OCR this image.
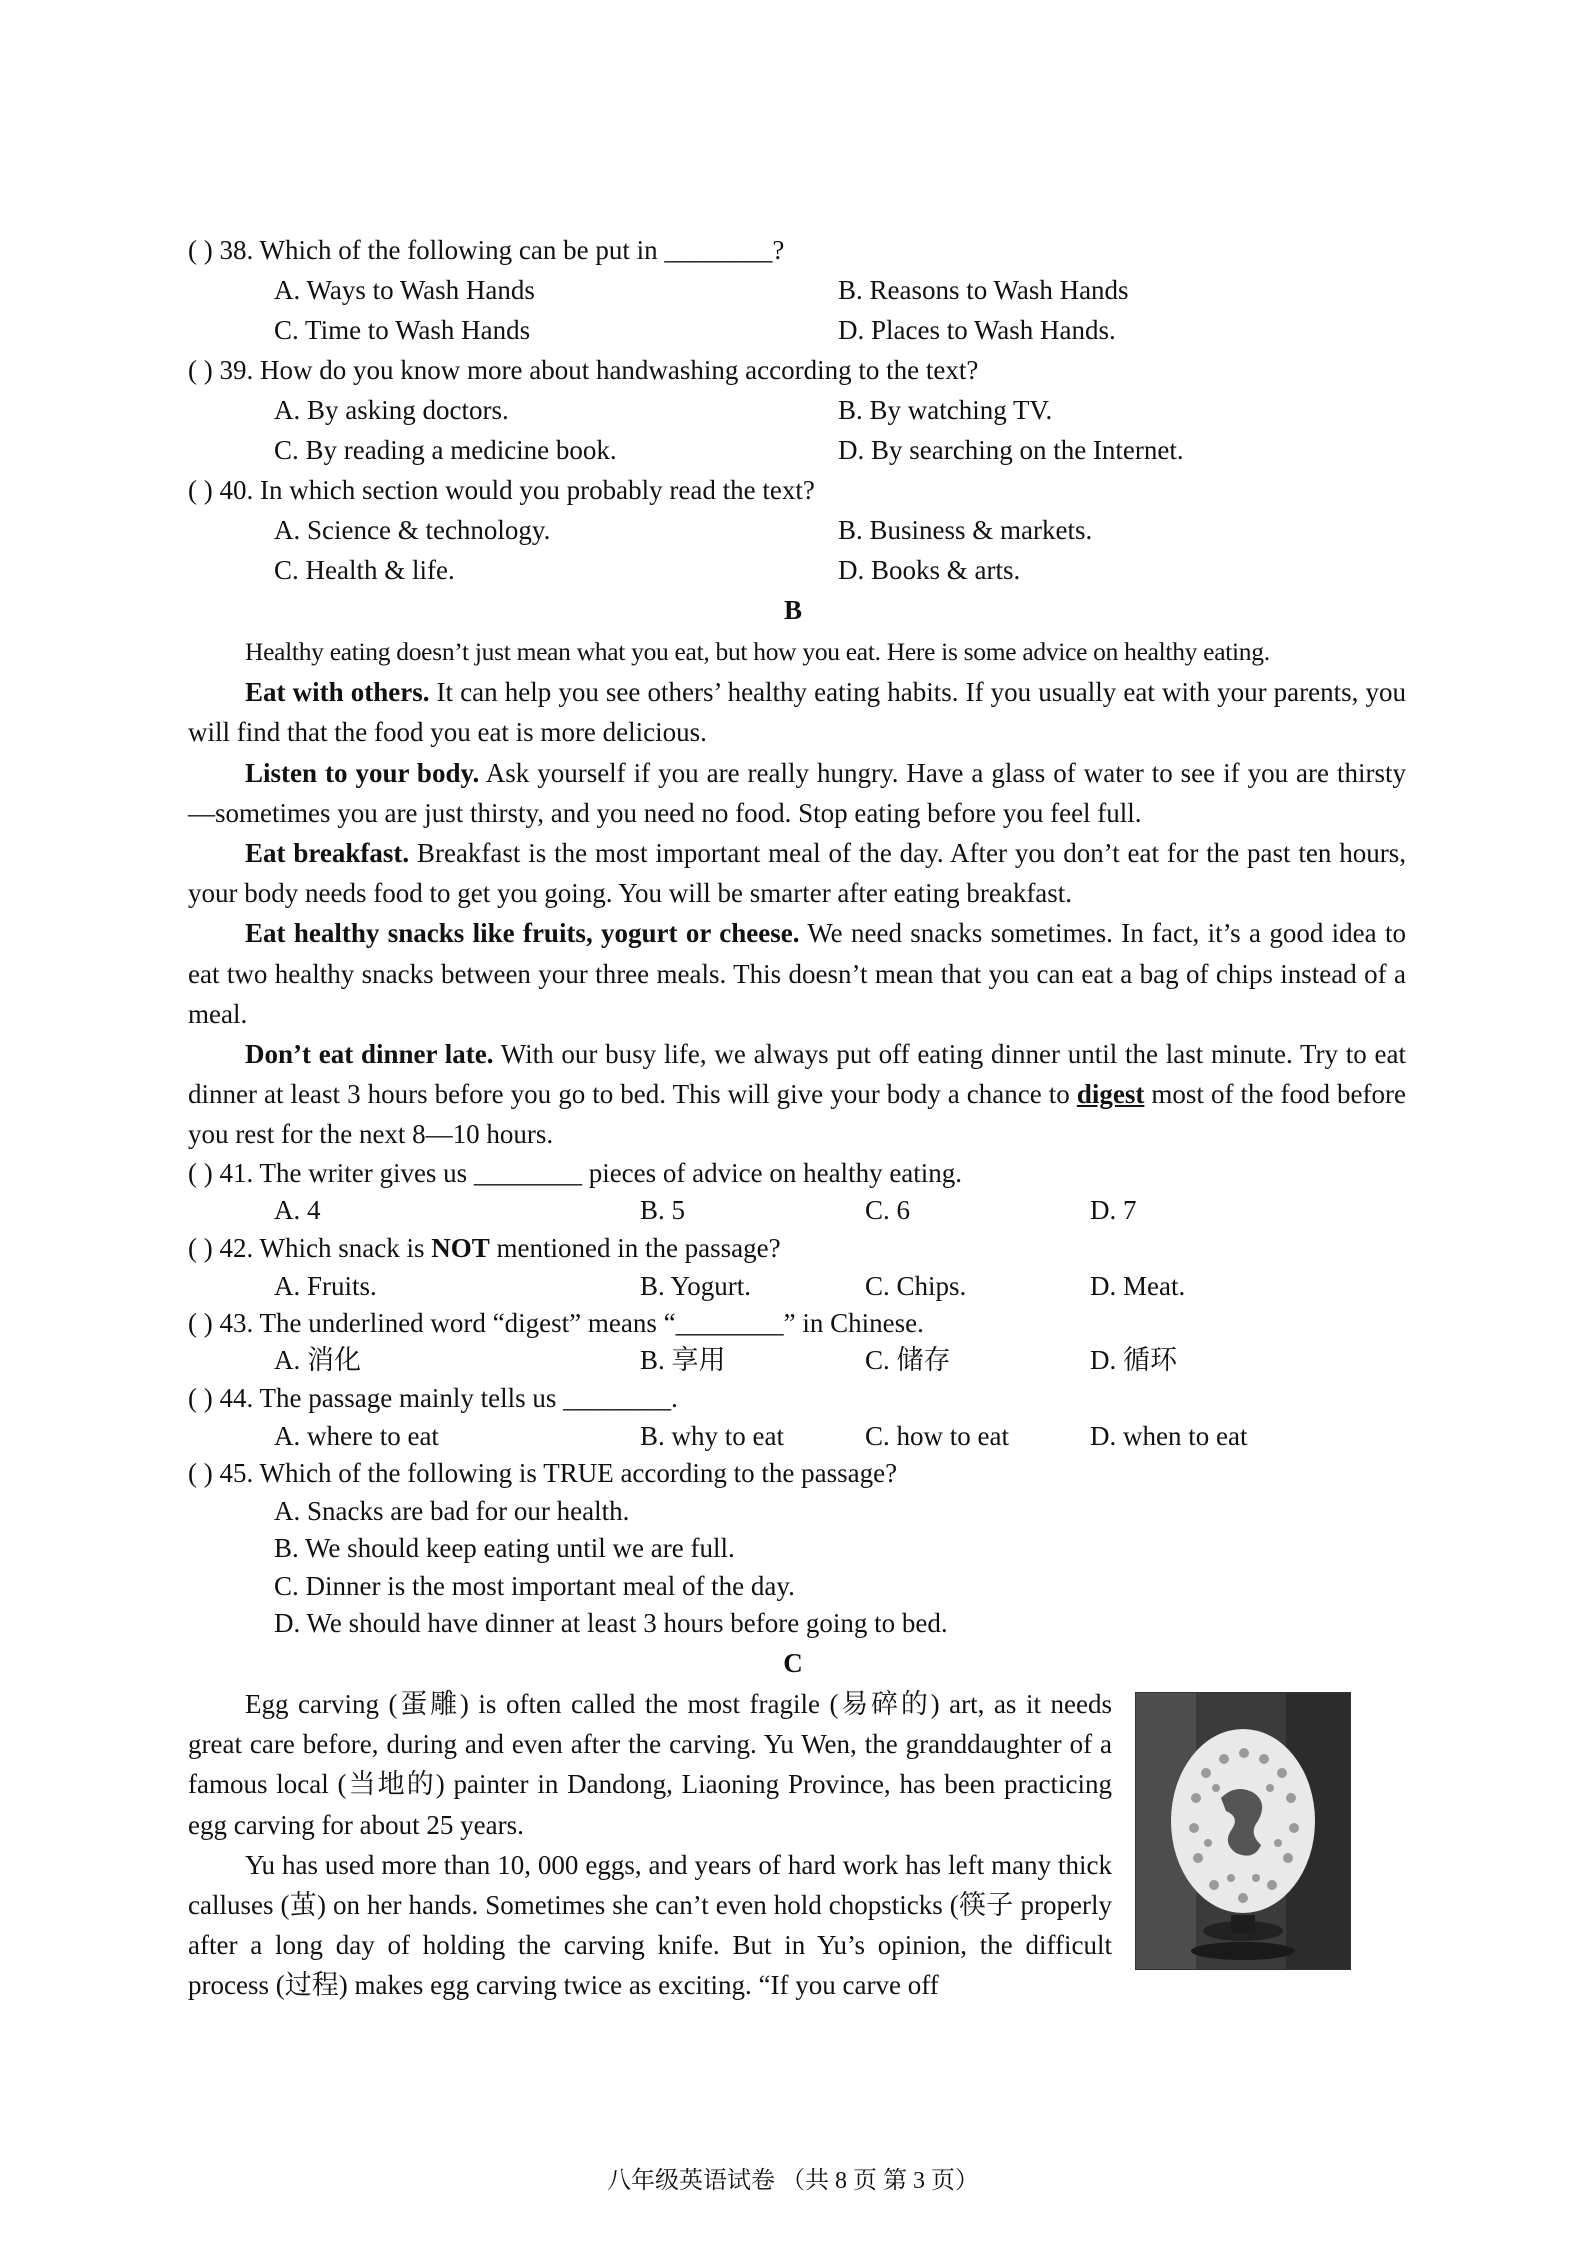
( ) 38. Which of the following can be put in ________?
A. Ways to Wash Hands	B. Reasons to Wash Hands
C. Time to Wash Hands	D. Places to Wash Hands.
( ) 39. How do you know more about handwashing according to the text?
A. By asking doctors.	B. By watching TV.
C. By reading a medicine book.	D. By searching on the Internet.
( ) 40. In which section would you probably read the text?
A. Science & technology.	B. Business & markets.
C. Health & life.	D. Books & arts.
B

Healthy eating doesn’t just mean what you eat, but how you eat. Here is some advice on healthy eating.

Eat with others. It can help you see others’ healthy eating habits. If you usually eat with your parents, you will find that the food you eat is more delicious.

Listen to your body. Ask yourself if you are really hungry. Have a glass of water to see if you are thirsty—sometimes you are just thirsty, and you need no food. Stop eating before you feel full.

Eat breakfast. Breakfast is the most important meal of the day. After you don’t eat for the past ten hours, your body needs food to get you going. You will be smarter after eating breakfast.

Eat healthy snacks like fruits, yogurt or cheese. We need snacks sometimes. In fact, it’s a good idea to eat two healthy snacks between your three meals. This doesn’t mean that you can eat a bag of chips instead of a meal.

Don’t eat dinner late. With our busy life, we always put off eating dinner until the last minute. Try to eat dinner at least 3 hours before you go to bed. This will give your body a chance to digest most of the food before you rest for the next 8—10 hours.

( ) 41. The writer gives us ________ pieces of advice on healthy eating.
A. 4	B. 5	C. 6	D. 7
( ) 42. Which snack is NOT mentioned in the passage?
A. Fruits.	B. Yogurt.	C. Chips.	D. Meat.
( ) 43. The underlined word “digest” means “________” in Chinese.
A. 消化	B. 享用	C. 储存	D. 循环
( ) 44. The passage mainly tells us ________.
A. where to eat	B. why to eat	C. how to eat	D. when to eat
( ) 45. Which of the following is TRUE according to the passage?
A. Snacks are bad for our health.
B. We should keep eating until we are full.
C. Dinner is the most important meal of the day.
D. We should have dinner at least 3 hours before going to bed.
C

Egg carving (蛋雕) is often called the most fragile (易碎的) art, as it needs great care before, during and even after the carving. Yu Wen, the granddaughter of a famous local (当地的) painter in Dandong, Liaoning Province, has been practicing egg carving for about 25 years.

Yu has used more than 10, 000 eggs, and years of hard work has left many thick calluses (茧) on her hands. Sometimes she can’t even hold chopsticks (筷子 properly after a long day of holding the carving knife. But in Yu’s opinion, the difficult process (过程) makes egg carving twice as exciting. “If you carve off

八年级英语试卷 （共 8 页 第 3 页）
